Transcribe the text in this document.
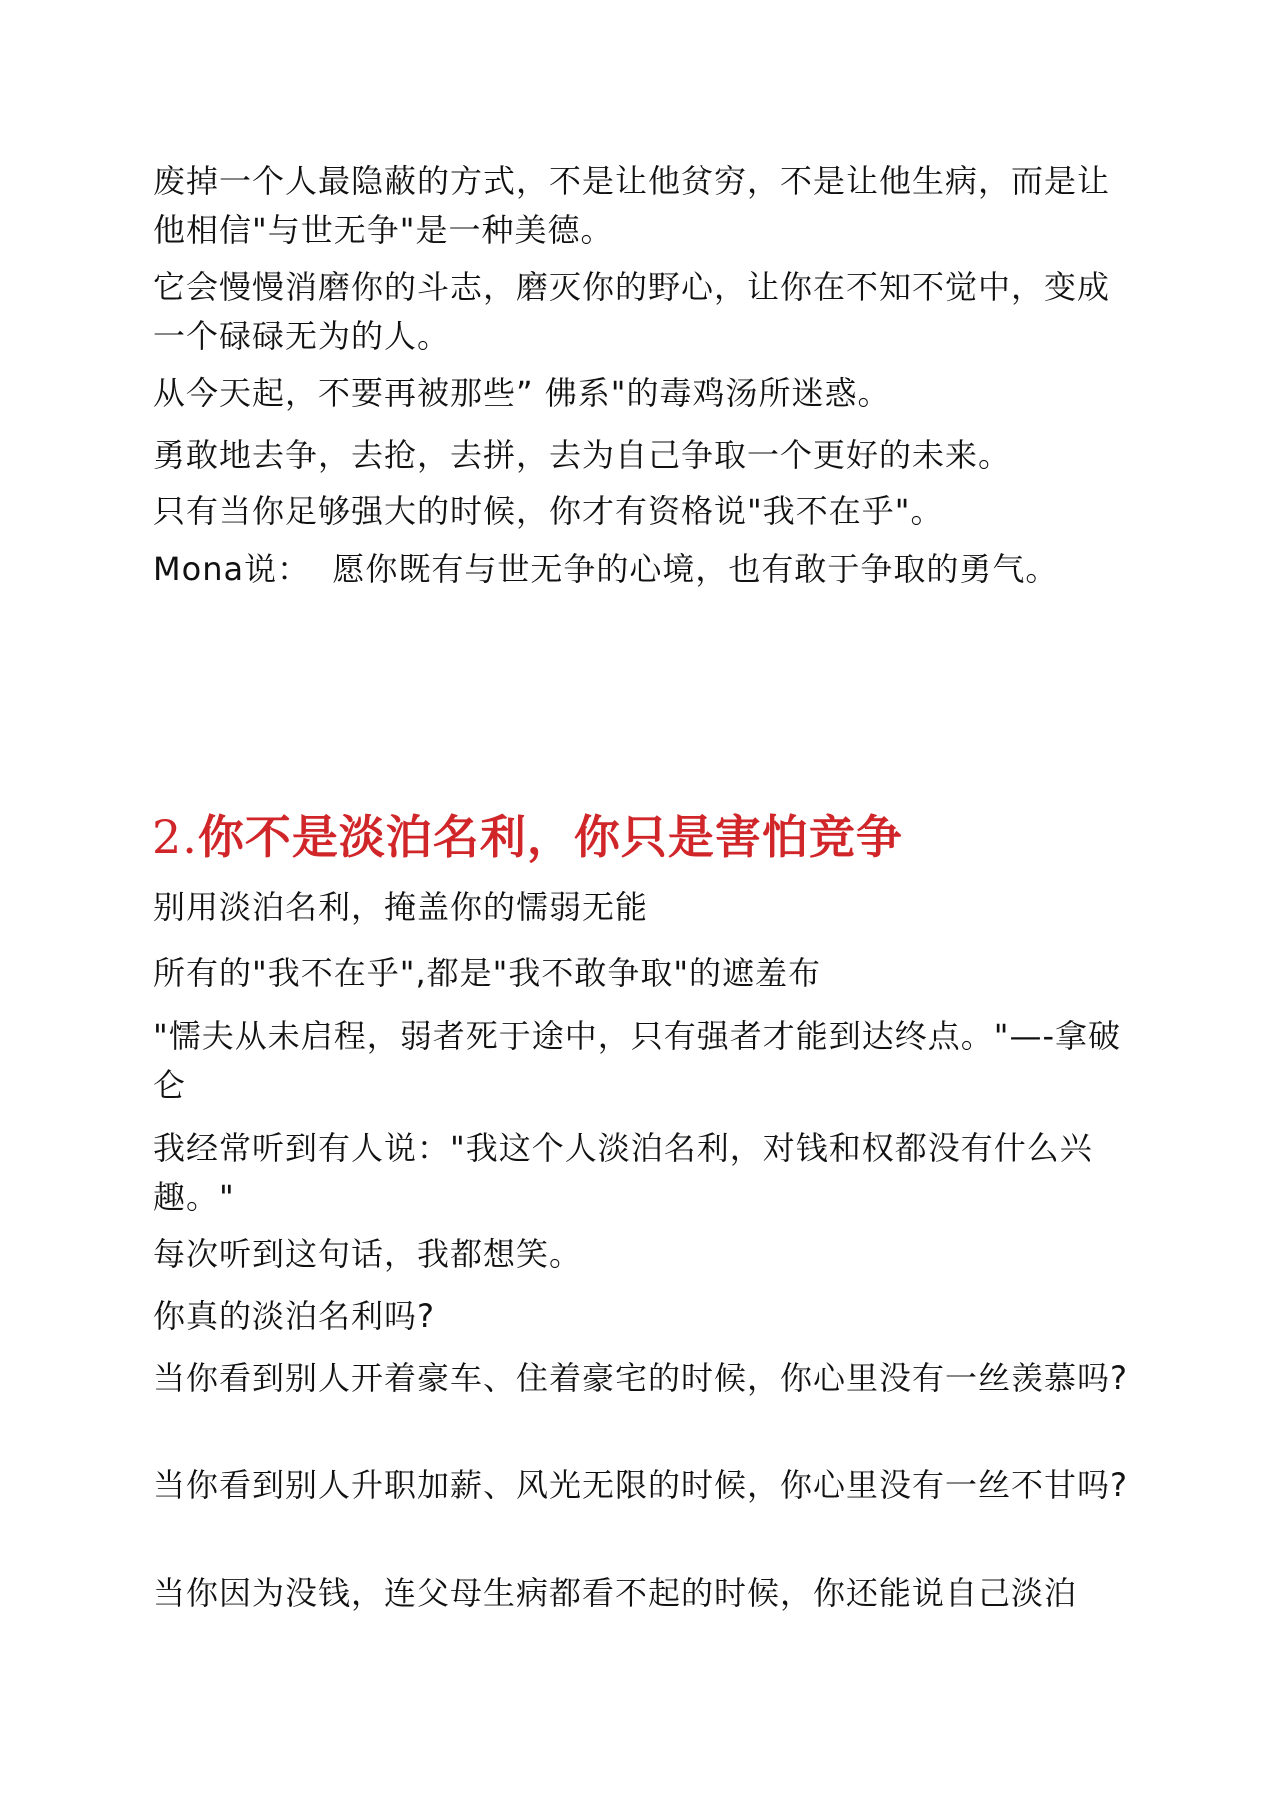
废掉一个人最隐蔽的方式，不是让他贫穷，不是让他生病，而是让他相信"与世无争"是一种美德。

它会慢慢消磨你的斗志，磨灭你的野心，让你在不知不觉中，变成一个碌碌无为的人。

从今天起，不要再被那些” 佛系"的毒鸡汤所迷惑。

勇敢地去争，去抢，去拼，去为自己争取一个更好的未来。

只有当你足够强大的时候，你才有资格说"我不在乎"。

Mona说：  愿你既有与世无争的心境，也有敢于争取的勇气。

2.你不是淡泊名利，你只是害怕竞争

别用淡泊名利，掩盖你的懦弱无能

所有的"我不在乎",都是"我不敢争取"的遮羞布

"懦夫从未启程，弱者死于途中，只有强者才能到达终点。"—-拿破仑

我经常听到有人说："我这个人淡泊名利，对钱和权都没有什么兴趣。"

每次听到这句话，我都想笑。

你真的淡泊名利吗?

当你看到别人开着豪车、住着豪宅的时候，你心里没有一丝羡慕吗?

当你看到别人升职加薪、风光无限的时候，你心里没有一丝不甘吗?

当你因为没钱，连父母生病都看不起的时候，你还能说自己淡泊
